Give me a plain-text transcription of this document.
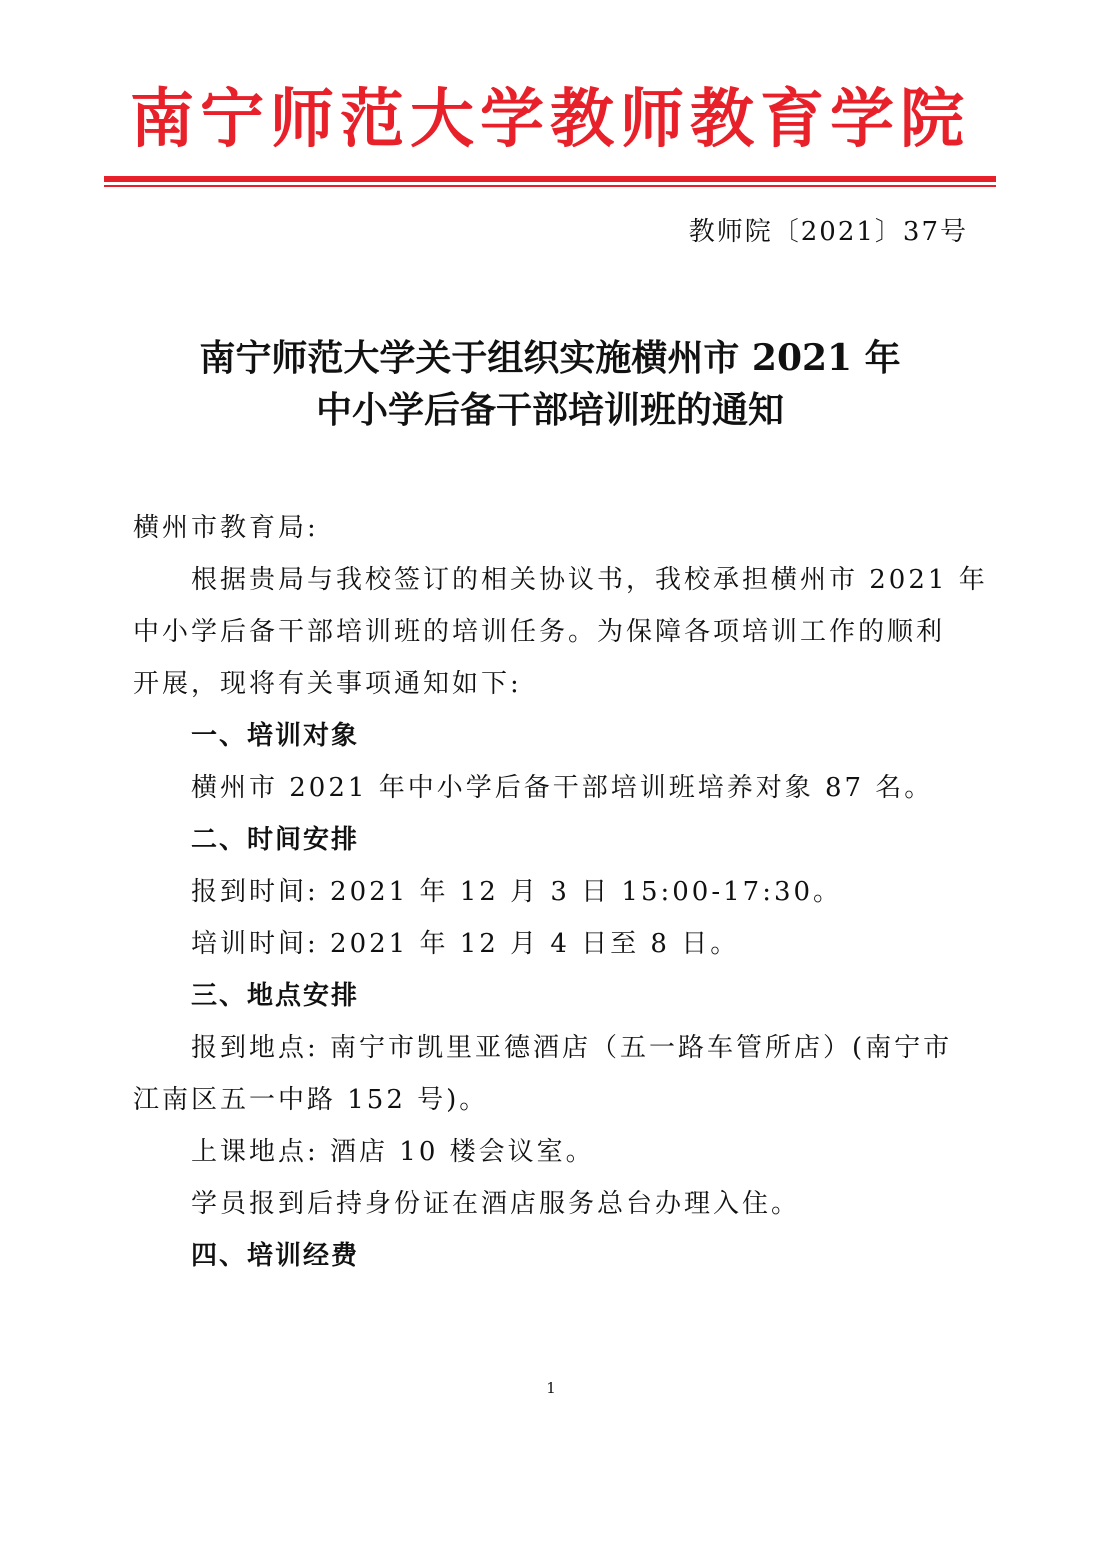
南宁师范大学教师教育学院
教师院〔2021〕37号
南宁师范大学关于组织实施横州市 2021 年
中小学后备干部培训班的通知
横州市教育局:
根据贵局与我校签订的相关协议书，我校承担横州市 2021 年
中小学后备干部培训班的培训任务。为保障各项培训工作的顺利
开展，现将有关事项通知如下:
一、培训对象
横州市 2021 年中小学后备干部培训班培养对象 87 名。
二、时间安排
报到时间: 2021 年 12 月 3 日 15:00-17:30。
培训时间: 2021 年 12 月 4 日至 8 日。
三、地点安排
报到地点: 南宁市凯里亚德酒店（五一路车管所店）(南宁市
江南区五一中路 152 号)。
上课地点: 酒店 10 楼会议室。
学员报到后持身份证在酒店服务总台办理入住。
四、培训经费
1
